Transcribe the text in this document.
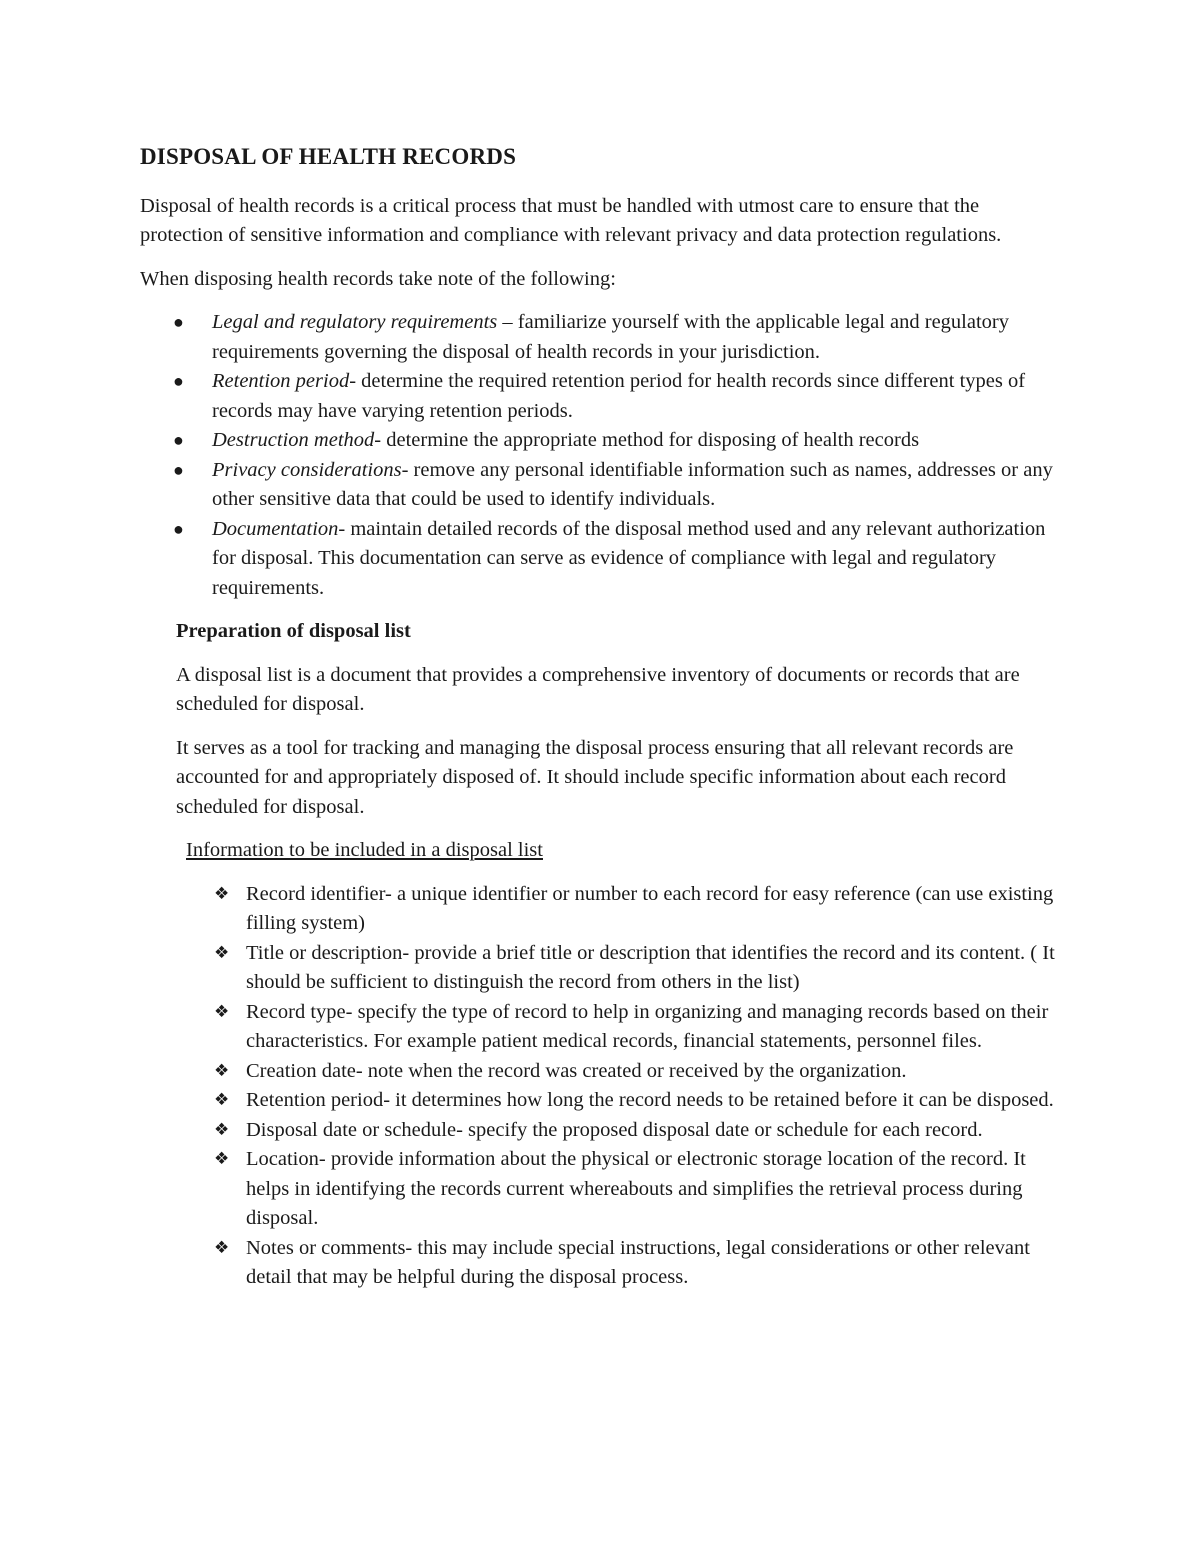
DISPOSAL OF HEALTH RECORDS

Disposal of health records is a critical process that must be handled with utmost care to ensure that the protection of sensitive information and compliance with relevant privacy and data protection regulations.

When disposing health records take note of the following:

● Legal and regulatory requirements – familiarize yourself with the applicable legal and regulatory requirements governing the disposal of health records in your jurisdiction.
● Retention period- determine the required retention period for health records since different types of records may have varying retention periods.
● Destruction method- determine the appropriate method for disposing of health records
● Privacy considerations- remove any personal identifiable information such as names, addresses or any other sensitive data that could be used to identify individuals.
● Documentation- maintain detailed records of the disposal method used and any relevant authorization for disposal. This documentation can serve as evidence of compliance with legal and regulatory requirements.

Preparation of disposal list

A disposal list is a document that provides a comprehensive inventory of documents or records that are scheduled for disposal.

It serves as a tool for tracking and managing the disposal process ensuring that all relevant records are accounted for and appropriately disposed of. It should include specific information about each record scheduled for disposal.

Information to be included in a disposal list

❖ Record identifier- a unique identifier or number to each record for easy reference (can use existing filling system)
❖ Title or description- provide a brief title or description that identifies the record and its content. ( It should be sufficient to distinguish the record from others in the list)
❖ Record type- specify the type of record to help in organizing and managing records based on their characteristics. For example patient medical records, financial statements, personnel files.
❖ Creation date- note when the record was created or received by the organization.
❖ Retention period- it determines how long the record needs to be retained before it can be disposed.
❖ Disposal date or schedule- specify the proposed disposal date or schedule for each record.
❖ Location- provide information about the physical or electronic storage location of the record. It helps in identifying the records current whereabouts and simplifies the retrieval process during disposal.
❖ Notes or comments- this may include special instructions, legal considerations or other relevant detail that may be helpful during the disposal process.
